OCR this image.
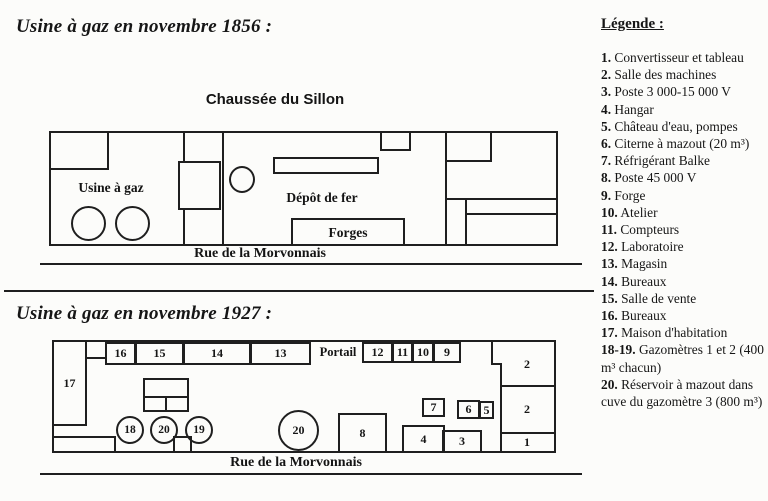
Usine à gaz en novembre 1856 :
Usine à gaz en novembre 1927 :
Chaussée du Sillon
Usine à gaz
Dépôt de fer
Forges
Rue de la Morvonnais
17
16	15	14	13	Portail	12	11 10	9
2
2
1
18	20	19	20	8	4	3
7	6	5
Rue de la Morvonnais
Légende :
1. Convertisseur et tableau
2. Salle des machines
3. Poste 3 000-15 000 V
4. Hangar
5. Château d'eau, pompes
6. Citerne à mazout (20 m³)
7. Réfrigérant Balke
8. Poste 45 000 V
9. Forge
10. Atelier
11. Compteurs
12. Laboratoire
13. Magasin
14. Bureaux
15. Salle de vente
16. Bureaux
17. Maison d'habitation
18-19. Gazomètres 1 et 2 (400 m³ chacun)
20. Réservoir à mazout dans cuve du gazomètre 3 (800 m³)
